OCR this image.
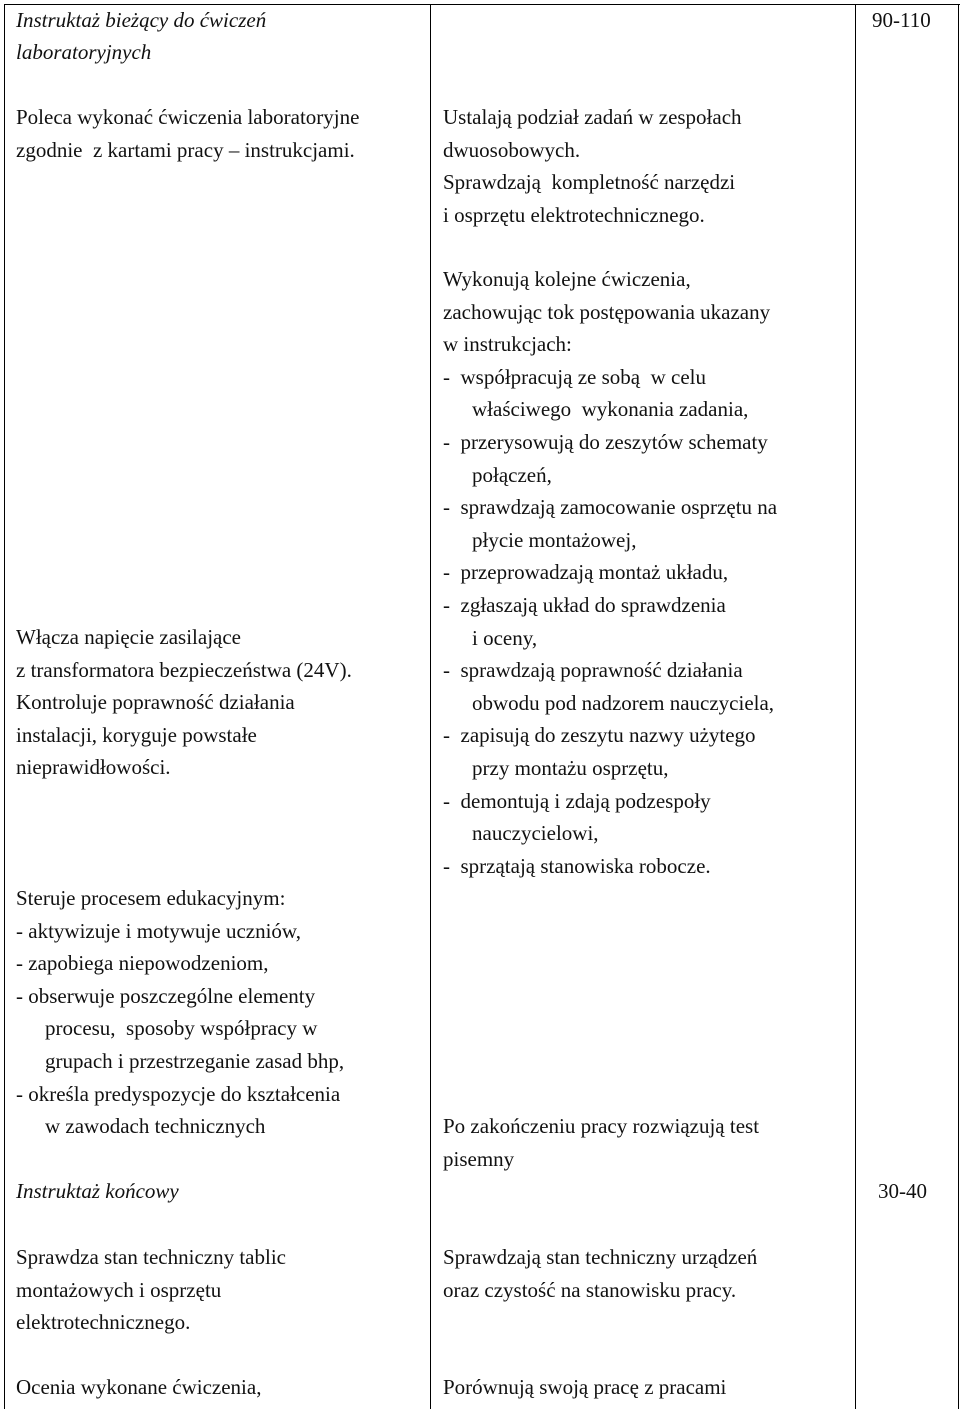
Instruktaż bieżący do ćwiczeń
laboratoryjnych
Poleca wykonać ćwiczenia laboratoryjne
zgodnie  z kartami pracy – instrukcjami.
Włącza napięcie zasilające
z transformatora bezpieczeństwa (24V).
Kontroluje poprawność działania
instalacji, koryguje powstałe
nieprawidłowości.
Steruje procesem edukacyjnym:
- aktywizuje i motywuje uczniów,
- zapobiega niepowodzeniom,
- obserwuje poszczególne elementy
procesu,  sposoby współpracy w
grupach i przestrzeganie zasad bhp,
- określa predyspozycje do kształcenia
w zawodach technicznych
Instruktaż końcowy
Sprawdza stan techniczny tablic
montażowych i osprzętu
elektrotechnicznego.
Ocenia wykonane ćwiczenia,
Ustalają podział zadań w zespołach
dwuosobowych.
Sprawdzają  kompletność narzędzi
i osprzętu elektrotechnicznego.
Wykonują kolejne ćwiczenia,
zachowując tok postępowania ukazany
w instrukcjach:
-  współpracują ze sobą  w celu
właściwego  wykonania zadania,
-  przerysowują do zeszytów schematy
połączeń,
-  sprawdzają zamocowanie osprzętu na
płycie montażowej,
-  przeprowadzają montaż układu,
-  zgłaszają układ do sprawdzenia
i oceny,
-  sprawdzają poprawność działania
obwodu pod nadzorem nauczyciela,
-  zapisują do zeszytu nazwy użytego
przy montażu osprzętu,
-  demontują i zdają podzespoły
nauczycielowi,
-  sprzątają stanowiska robocze.
Po zakończeniu pracy rozwiązują test
pisemny
Sprawdzają stan techniczny urządzeń
oraz czystość na stanowisku pracy.
Porównują swoją pracę z pracami
90-110
30-40
